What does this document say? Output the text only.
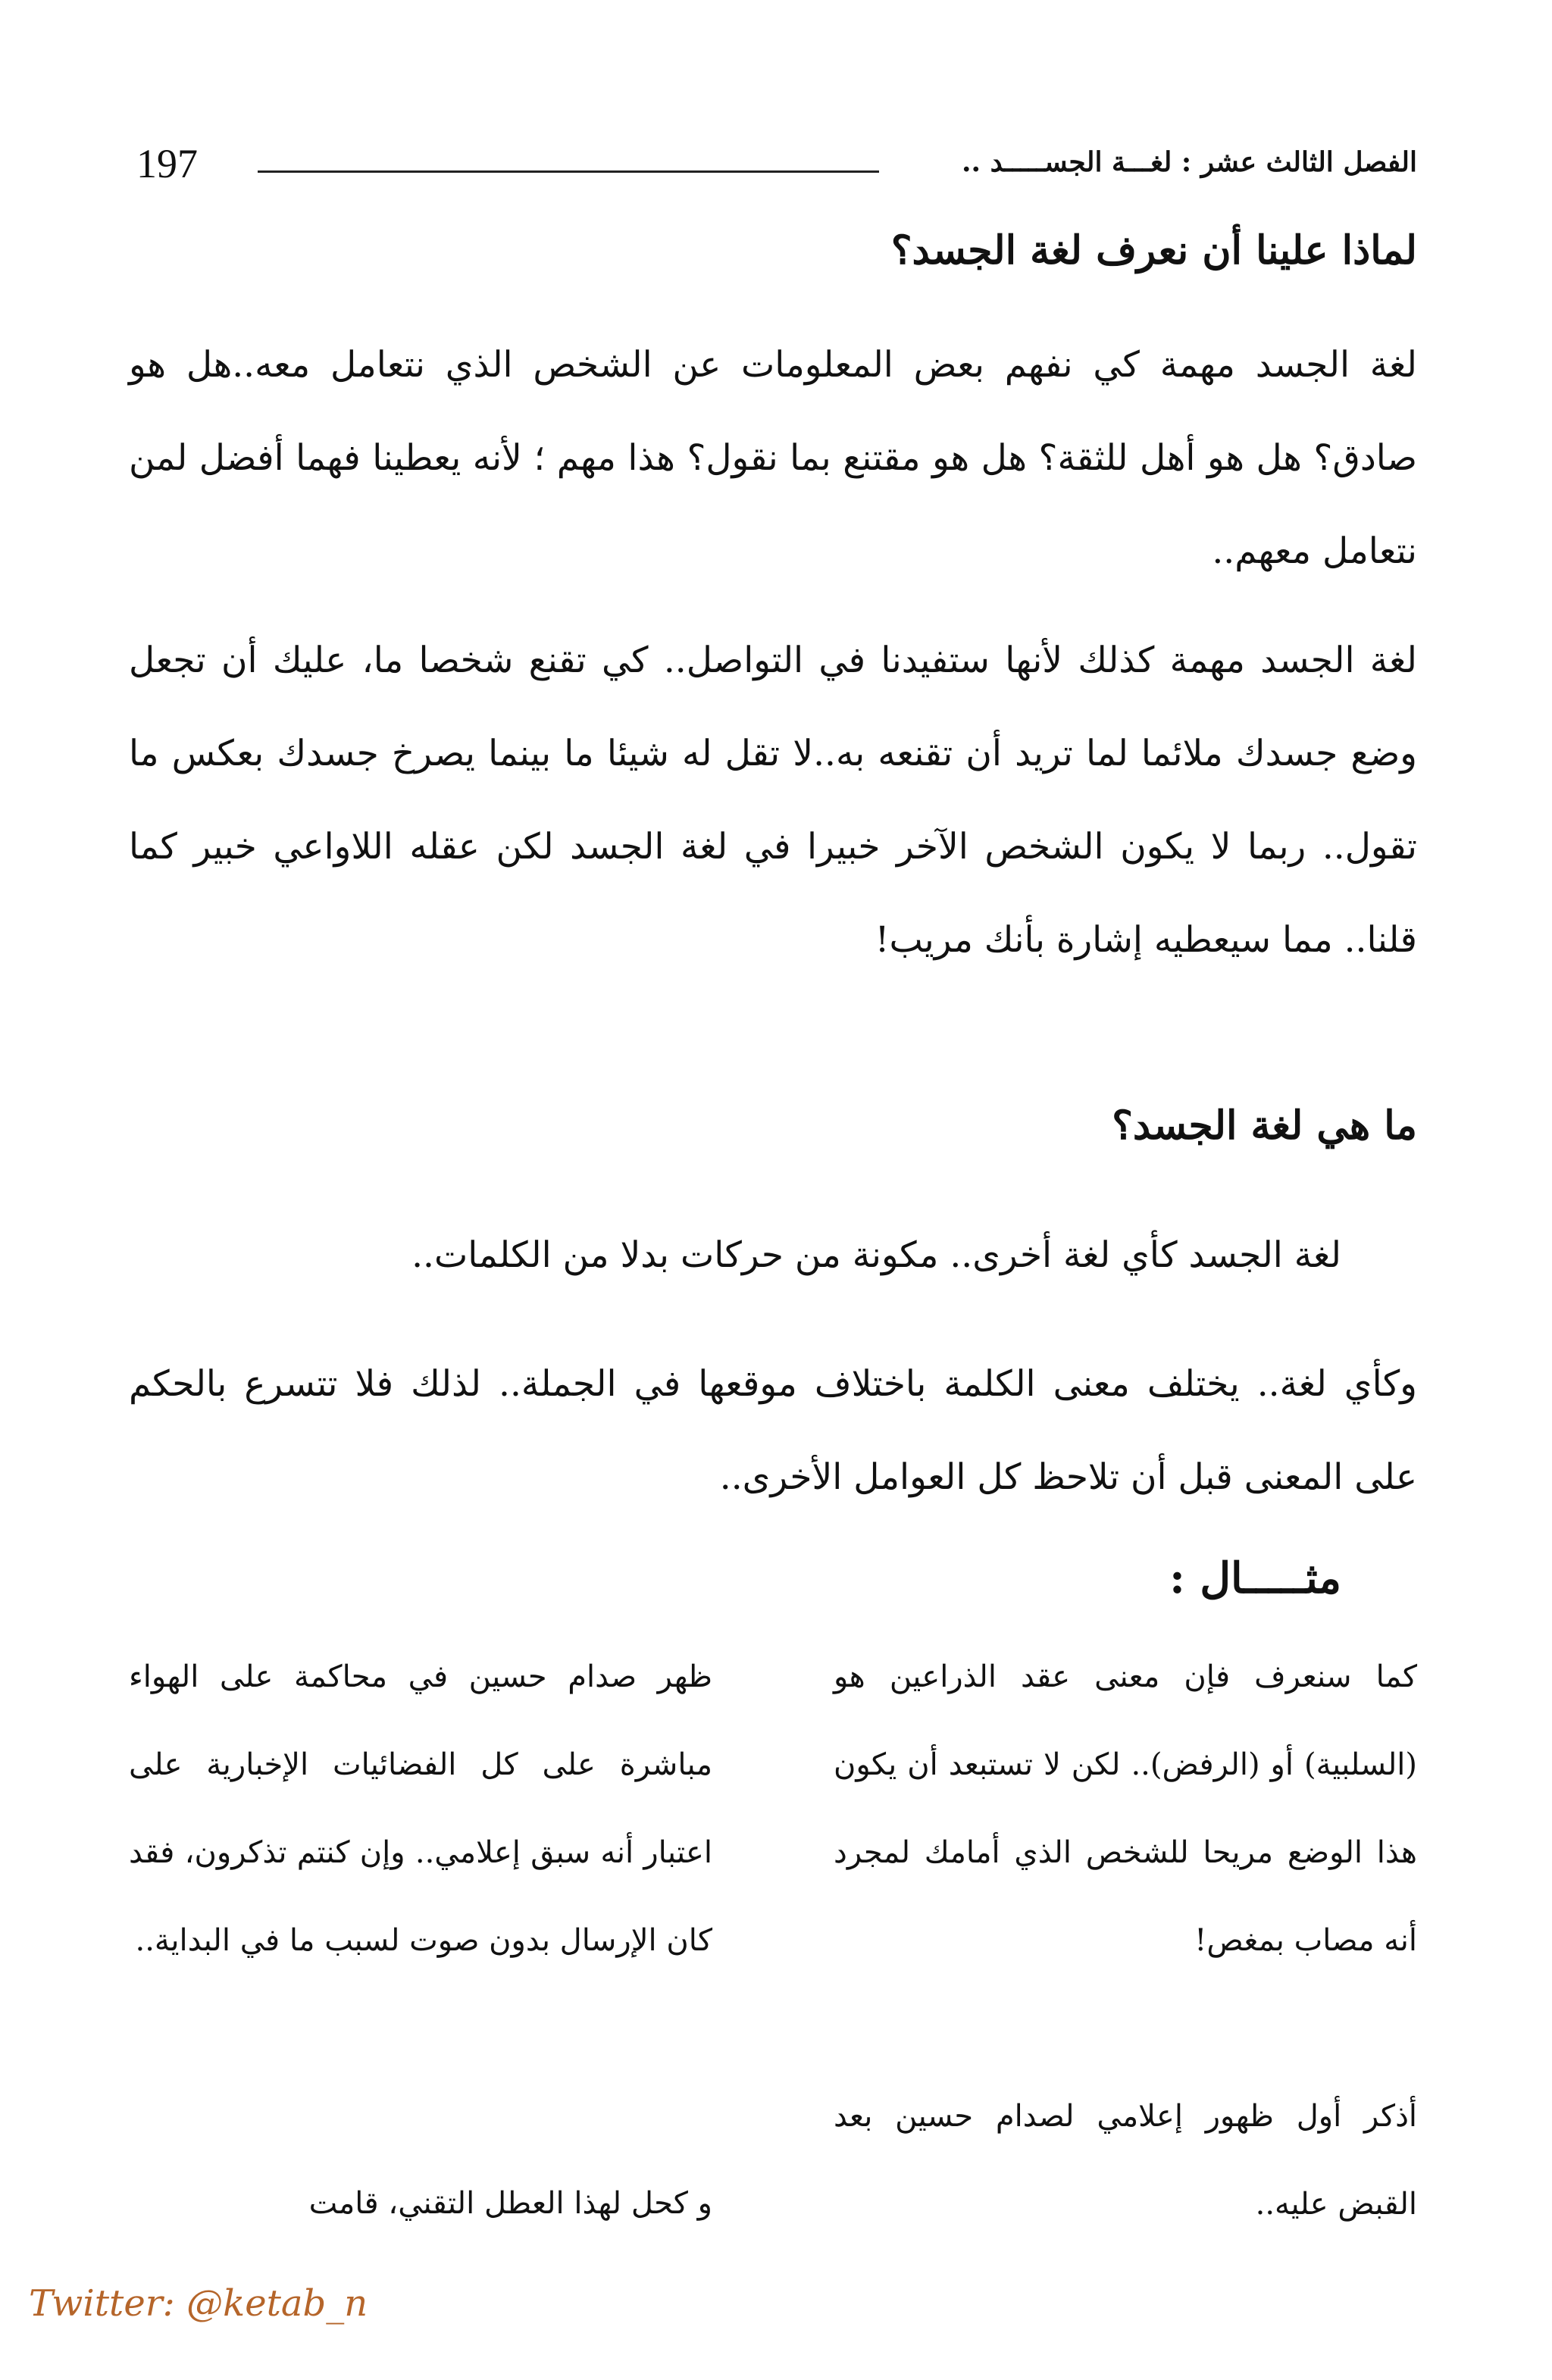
197	الفصل الثالث عشر : لغـــة الجســـــد ..
لماذا علينا أن نعرف لغة الجسد؟
لغة الجسد مهمة كي نفهم بعض المعلومات عن الشخص الذي نتعامل معه..هل هو صادق؟ هل هو أهل للثقة؟ هل هو مقتنع بما نقول؟ هذا مهم ؛ لأنه يعطينا فهما أفضل لمن نتعامل معهم..
لغة الجسد مهمة كذلك لأنها ستفيدنا في التواصل.. كي تقنع شخصا ما، عليك أن تجعل وضع جسدك ملائما لما تريد أن تقنعه به..لا تقل له شيئا ما بينما يصرخ جسدك بعكس ما تقول.. ربما لا يكون الشخص الآخر خبيرا في لغة الجسد لكن عقله اللاواعي خبير كما قلنا.. مما سيعطيه إشارة بأنك مريب!
ما هي لغة الجسد؟
لغة الجسد كأي لغة أخرى.. مكونة من حركات بدلا من الكلمات..
وكأي لغة.. يختلف معنى الكلمة باختلاف موقعها في الجملة.. لذلك فلا تتسرع بالحكم على المعنى قبل أن تلاحظ كل العوامل الأخرى..
مثـــــال :
كما سنعرف فإن معنى عقد الذراعين هو (السلبية) أو (الرفض).. لكن لا تستبعد أن يكون هذا الوضع مريحا للشخص الذي أمامك لمجرد أنه مصاب بمغص!
أذكر أول ظهور إعلامي لصدام حسين بعد القبض عليه..
ظهر صدام حسين في محاكمة على الهواء مباشرة على كل الفضائيات الإخبارية على اعتبار أنه سبق إعلامي.. وإن كنتم تذكرون، فقد كان الإرسال بدون صوت لسبب ما في البداية..
و كحل لهذا العطل التقني، قامت
Twitter: @ketab_n
